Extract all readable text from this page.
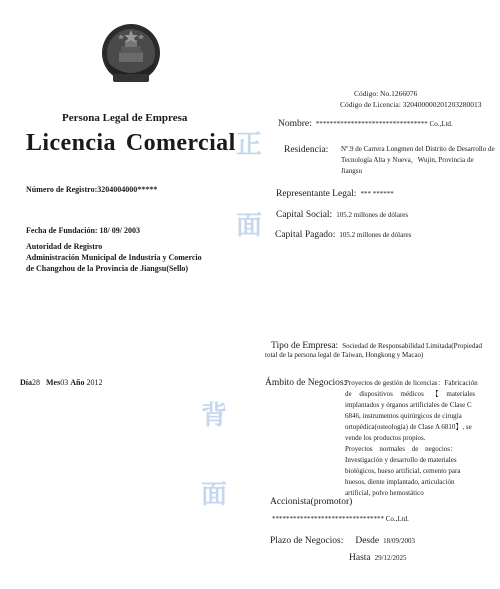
Código: No.1266076
Código de Licencia: 320400000201203280013
Persona Legal de Empresa
Licencia Comercial 正
面
背
面
Número de Registro:3204004000*****
Fecha de Fundación: 18/ 09/ 2003
Autoridad de Registro
Administración Municipal de Industria y Comercio
de Changzhou de la Provincia de Jiangsu(Sello)
Día28 Mes03 Año 2012
Nombre: ******************************** Co.,Ltd.
Residencia: Nº.9 de Carrera Longmen del Distrito de Desarrollo de
Tecnología Alta y Nueva，Wujin, Provincia de
Jiangsu
Representante Legal: *** ******
Capital Social: 105.2 millones de dólares
Capital Pagado: 105.2 millones de dólares
Tipo de Empresa: Sociedad de Responsabilidad Limitada(Propiedad
total de la persona legal de Taiwan, Hongkong y Macao)
Ámbito de Negocios:
Proyectos de gestión de licencias：Fabricación
de dispositivos médicos 【 materiales
implantados y órganos artificiales de Clase C
6846, instrumentos quirúrgicos de cirugía
ortopédica(osteología) de Clase A 6810】, se
vende los productos propios.
Proyectos normales de negocios：
Investigación y desarrollo de materiales
biológicos, hueso artificial, cemento para
huesos, diente implantado, articulación
artificial, polvo hemostático
Accionista(promotor)
******************************** Co.,Ltd.
Plazo de Negocios: Desde 18/09/2003
Hasta 29/12/2025
